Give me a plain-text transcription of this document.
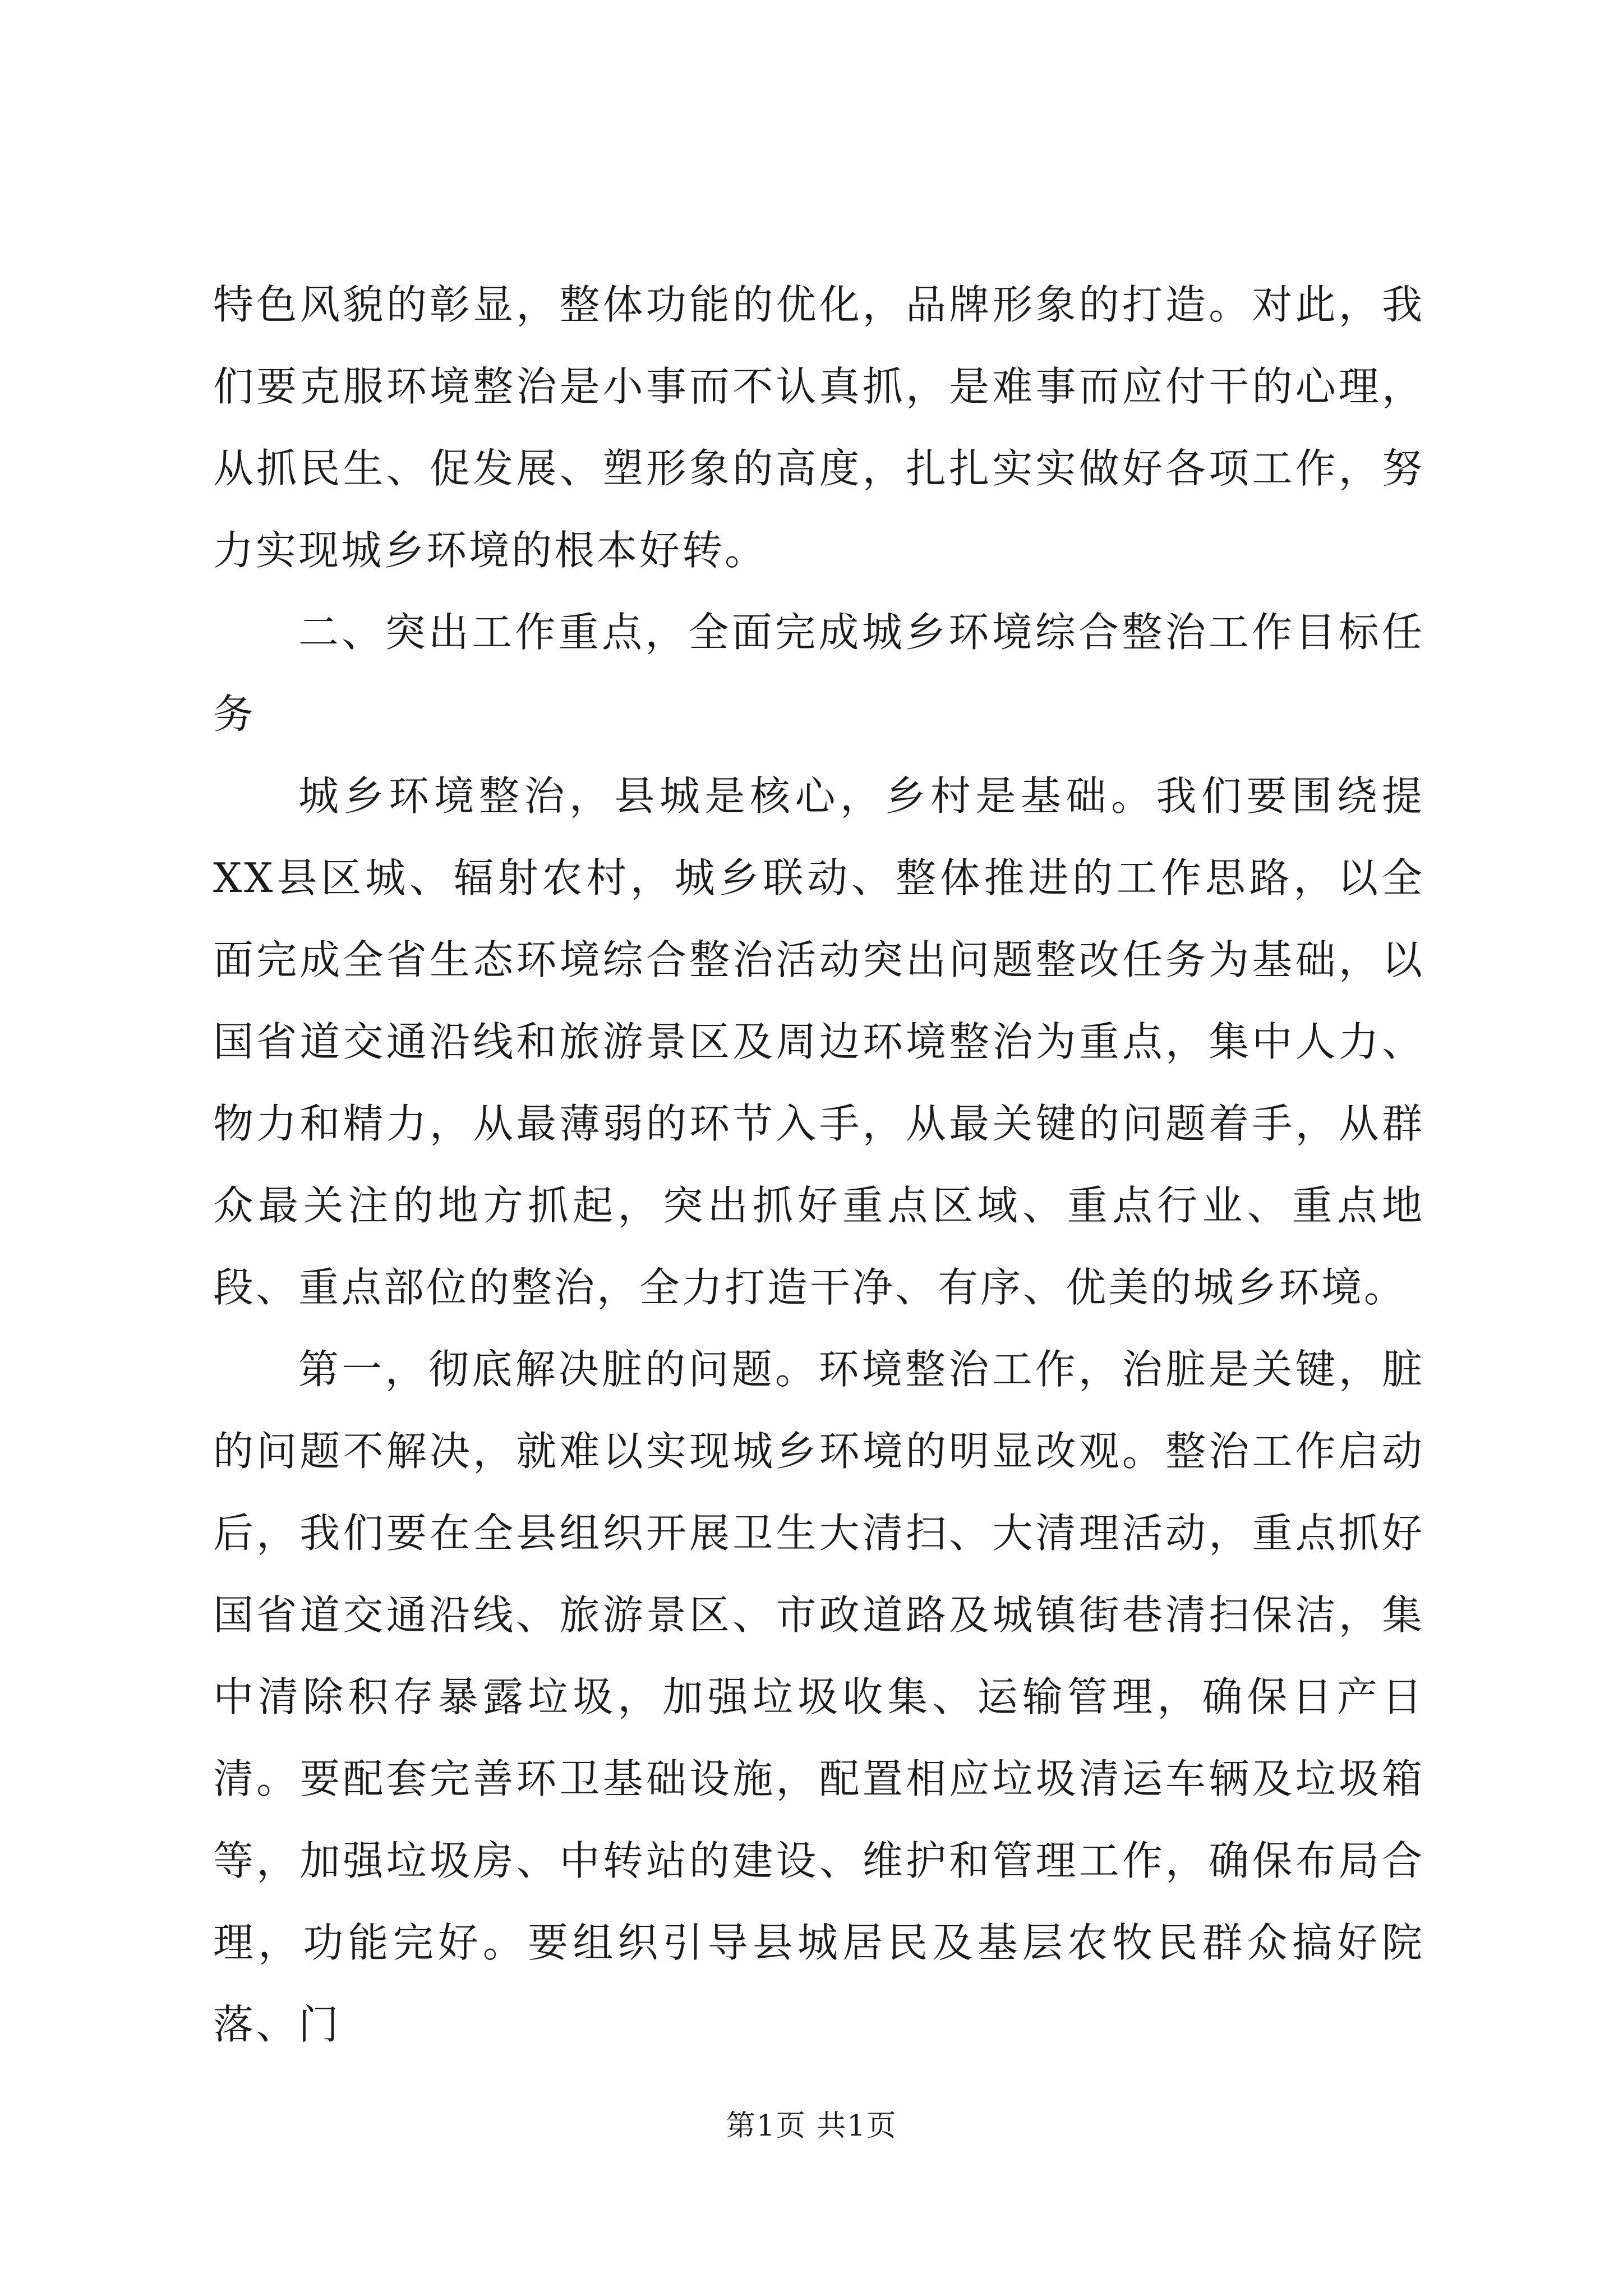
特色风貌的彰显，整体功能的优化，品牌形象的打造。对此，我们要克服环境整治是小事而不认真抓，是难事而应付干的心理，从抓民生、促发展、塑形象的高度，扎扎实实做好各项工作，努力实现城乡环境的根本好转。

二、突出工作重点，全面完成城乡环境综合整治工作目标任务

城乡环境整治，县城是核心，乡村是基础。我们要围绕提XX县区城、辐射农村，城乡联动、整体推进的工作思路，以全面完成全省生态环境综合整治活动突出问题整改任务为基础，以国省道交通沿线和旅游景区及周边环境整治为重点，集中人力、物力和精力，从最薄弱的环节入手，从最关键的问题着手，从群众最关注的地方抓起，突出抓好重点区域、重点行业、重点地段、重点部位的整治，全力打造干净、有序、优美的城乡环境。

第一，彻底解决脏的问题。环境整治工作，治脏是关键，脏的问题不解决，就难以实现城乡环境的明显改观。整治工作启动后，我们要在全县组织开展卫生大清扫、大清理活动，重点抓好国省道交通沿线、旅游景区、市政道路及城镇街巷清扫保洁，集中清除积存暴露垃圾，加强垃圾收集、运输管理，确保日产日清。要配套完善环卫基础设施，配置相应垃圾清运车辆及垃圾箱等，加强垃圾房、中转站的建设、维护和管理工作，确保布局合理，功能完好。要组织引导县城居民及基层农牧民群众搞好院落、门

第1页 共1页
